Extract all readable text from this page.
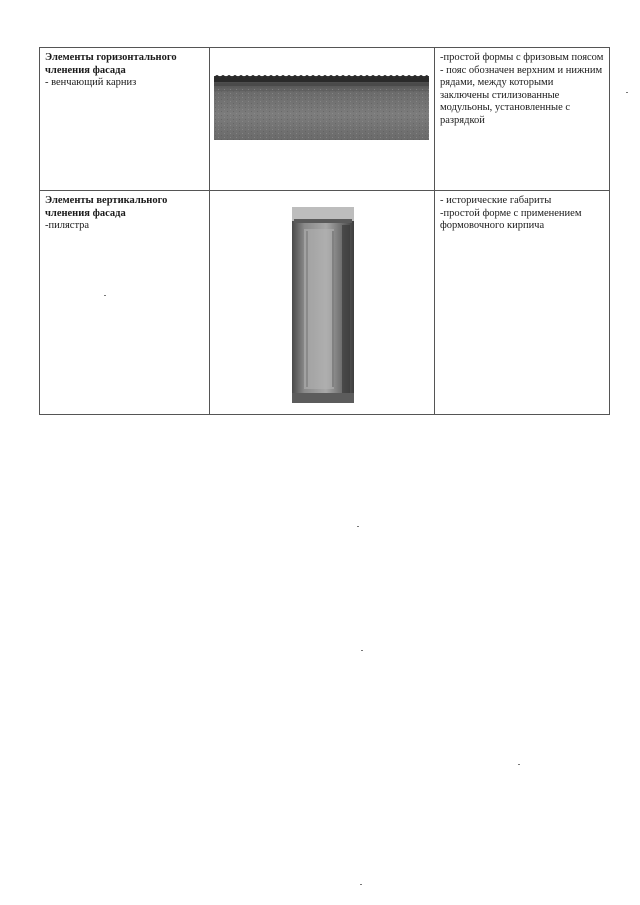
Элементы горизонтального членения фасада
- венчающий карниз		-простой формы с фризовым поясом
- пояс обозначен верхним и нижним рядами, между которыми заключены стилизованные модульоны, установленные с разрядкой

Элементы вертикального членения фасада
-пилястра		- исторические габариты
-простой форме с применением формовочного кирпича
